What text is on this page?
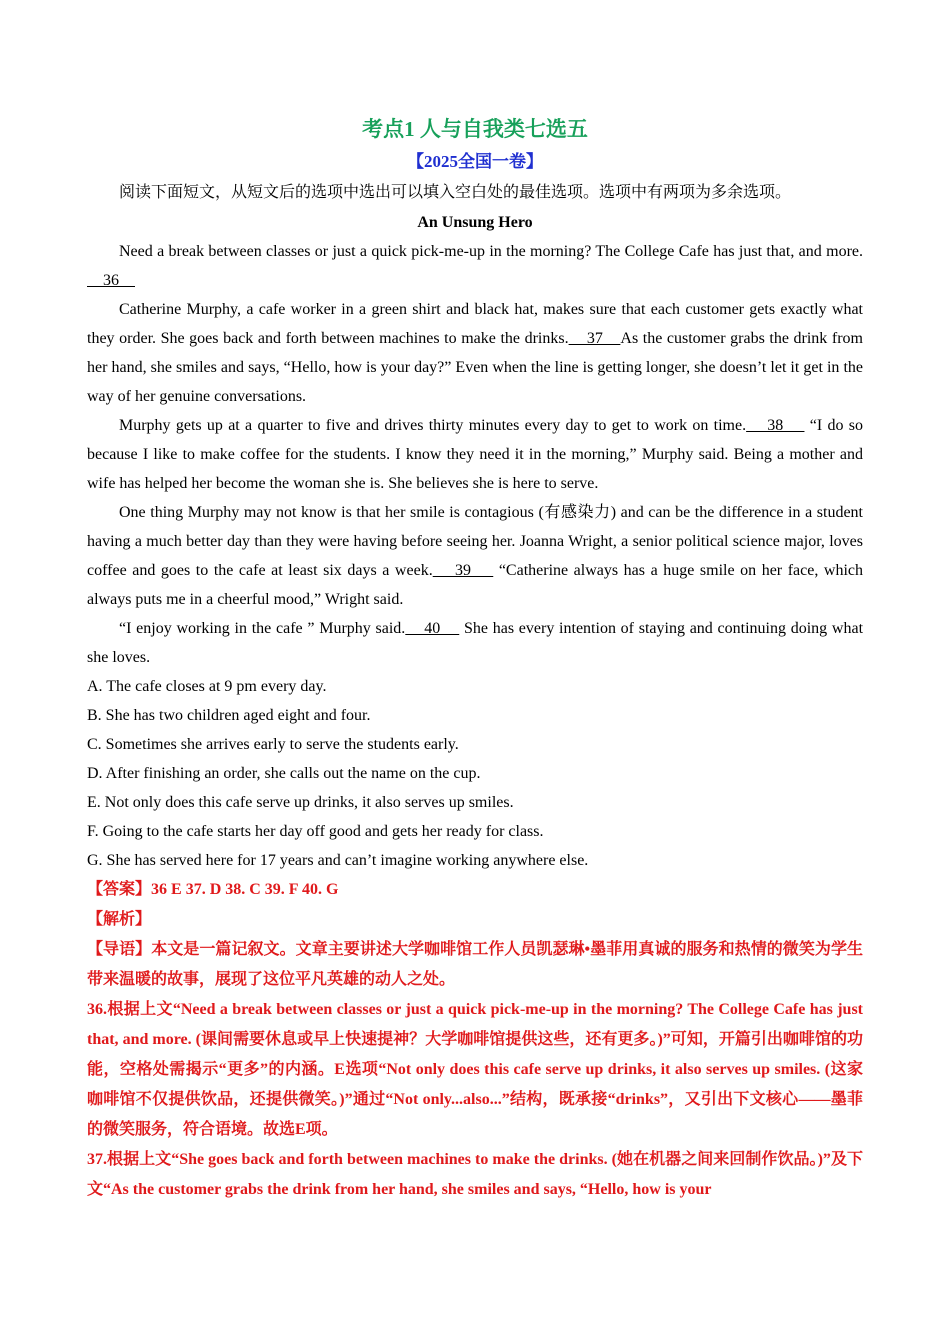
考点1 人与自我类七选五
【2025全国一卷】

阅读下面短文，从短文后的选项中选出可以填入空白处的最佳选项。选项中有两项为多余选项。

An Unsung Hero

Need a break between classes or just a quick pick-me-up in the morning? The College Cafe has just that, and more.     36

Catherine Murphy, a cafe worker in a green shirt and black hat, makes sure that each customer gets exactly what they order. She goes back and forth between machines to make the drinks.    37    As the customer grabs the drink from her hand, she smiles and says, “Hello, how is your day?” Even when the line is getting longer, she doesn’t let it get in the way of her genuine conversations.

Murphy gets up at a quarter to five and drives thirty minutes every day to get to work on time.    38     “I do so because I like to make coffee for the students. I know they need it in the morning,” Murphy said. Being a mother and wife has helped her become the woman she is. She believes she is here to serve.

One thing Murphy may not know is that her smile is contagious (有感染力) and can be the difference in a student having a much better day than they were having before seeing her. Joanna Wright, a senior political science major, loves coffee and goes to the cafe at least six days a week.    39     “Catherine always has a huge smile on her face, which always puts me in a cheerful mood,” Wright said.

“I enjoy working in the cafe ” Murphy said.    40     She has every intention of staying and continuing doing what she loves.

A. The cafe closes at 9 pm every day.

B. She has two children aged eight and four.

C. Sometimes she arrives early to serve the students early.

D. After finishing an order, she calls out the name on the cup.

E. Not only does this cafe serve up drinks, it also serves up smiles.

F. Going to the cafe starts her day off good and gets her ready for class.

G. She has served here for 17 years and can’t imagine working anywhere else.

【答案】36 E 37. D 38. C 39. F 40. G

【解析】

【导语】本文是一篇记叙文。文章主要讲述大学咖啡馆工作人员凯瑟琳•墨菲用真诚的服务和热情的微笑为学生带来温暖的故事，展现了这位平凡英雄的动人之处。

36.根据上文“Need a break between classes or just a quick pick-me-up in the morning? The College Cafe has just that, and more. (课间需要休息或早上快速提神？大学咖啡馆提供这些，还有更多。)”可知，开篇引出咖啡馆的功能，空格处需揭示“更多”的内涵。E选项“Not only does this cafe serve up drinks, it also serves up smiles. (这家咖啡馆不仅提供饮品，还提供微笑。)”通过“Not only...also...”结构，既承接“drinks”，又引出下文核心——墨菲的微笑服务，符合语境。故选E项。

37.根据上文“She goes back and forth between machines to make the drinks. (她在机器之间来回制作饮品。)”及下文“As the customer grabs the drink from her hand, she smiles and says, “Hello, how is your
